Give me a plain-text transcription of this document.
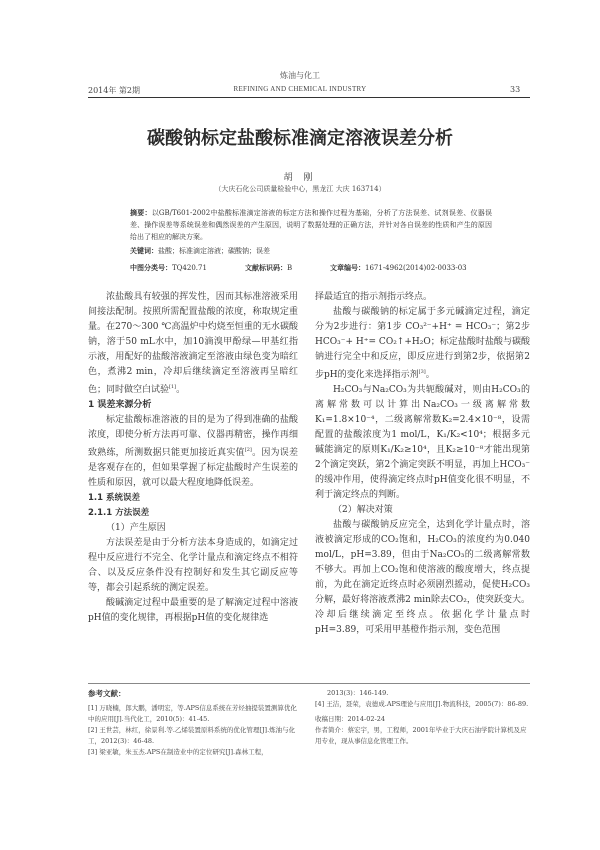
炼油与化工
2014年 第2期	REFINING AND CHEMICAL INDUSTRY	33
碳酸钠标定盐酸标准滴定溶液误差分析
胡 刚
（大庆石化公司质量检验中心，黑龙江 大庆 163714）
摘要：以GB/T601-2002中盐酸标准滴定溶液的标定方法和操作过程为基础，分析了方法误差、试剂误差、仪器误差、操作误差等系统误差和偶然误差的产生原因，说明了数据处理的正确方法，并针对各自误差的性质和产生的原因给出了相应的解决方案。
关键词：盐酸；标准滴定溶液；碳酸钠；误差
中图分类号：TQ420.71	文献标识码：B	文章编号：1671-4962(2014)02-0033-03

浓盐酸具有较强的挥发性，因而其标准溶液采用间接法配制。按照所需配置盐酸的浓度，称取规定重量。在270～300 ℃高温炉中灼烧至恒重的无水碳酸钠，溶于50 mL水中，加10滴溴甲酚绿—甲基红指示液，用配好的盐酸溶液滴定至溶液由绿色变为暗红色，煮沸2 min，冷却后继续滴定至溶液再呈暗红色；同时做空白试验[1]。

1 误差来源分析

标定盐酸标准溶液的目的是为了得到准确的盐酸浓度，即使分析方法再可靠、仪器再精密，操作再细致熟练，所测数据只能更加接近真实值[2]。因为误差是客观存在的，但如果掌握了标定盐酸时产生误差的性质和原因，就可以最大程度地降低误差。

1.1 系统误差

2.1.1 方法误差

（1）产生原因

方法误差是由于分析方法本身造成的，如滴定过程中反应进行不完全、化学计量点和滴定终点不相符合、以及反应条件没有控制好和发生其它副反应等等，都会引起系统的测定误差。

酸碱滴定过程中最重要的是了解滴定过程中溶液pH值的变化规律，再根据pH值的变化规律选

择最适宜的指示剂指示终点。

盐酸与碳酸钠的标定属于多元碱滴定过程，滴定分为2步进行：第1步 CO₃²⁻+H⁺ = HCO₃⁻；第2步 HCO₃⁻+ H⁺= CO₂↑+H₂O；标定盐酸时盐酸与碳酸钠进行完全中和反应，即反应进行到第2步，依据第2步pH的变化来选择指示剂[3]。

H₂CO₃与Na₂CO₃为共轭酸碱对，则由H₂CO₃的离解常数可以计算出Na₂CO₃一级离解常数K₁=1.8×10⁻⁴，二级离解常数K₂=2.4×10⁻⁸，设需配置的盐酸浓度为1 mol/L，K₁/K₂<10⁴；根据多元碱能滴定的原则K₁/K₂≥10⁴，且K₂≥10⁻⁸才能出现第2个滴定突跃，第2个滴定突跃不明显，再加上HCO₃⁻的缓冲作用，使得滴定终点时pH值变化很不明显，不利于滴定终点的判断。

（2）解决对策

盐酸与碳酸钠反应完全，达到化学计量点时，溶液被滴定形成的CO₂饱和，H₂CO₃的浓度约为0.040 mol/L，pH=3.89，但由于Na₂CO₃的二级离解常数不够大。再加上CO₂饱和使溶液的酸度增大，终点提前，为此在滴定近终点时必须剧烈摇动，促使H₂CO₃分解，最好将溶液煮沸2 min除去CO₂，使突跃变大。冷却后继续滴定至终点。依据化学计量点时pH=3.89，可采用甲基橙作指示剂，变色范围

参考文献：

[1] 万晓楠，郎大鹏，潘明宏，等.APS信息系统在芳烃抽提装置测算优化中的应用[J].当代化工，2010(5)：41-45.

[2] 王世芸，林红，徐景利.等.乙烯装置原料系统的优化管理[J].炼油与化工，2012(3)：46-48.

[3] 梁亚敏，朱玉杰.APS在制造业中的定位研究[J].森林工程，

2013(3)：146-149.

[4] 王洁，聂荣，袁德成.APS理论与应用[J].物流科技，2005(7)：86-89.

收稿日期：2014-02-24

作者简介：蔡宏宇，男，工程师，2001年毕业于大庆石油学院计算机及应用专业，现从事信息化管理工作。
